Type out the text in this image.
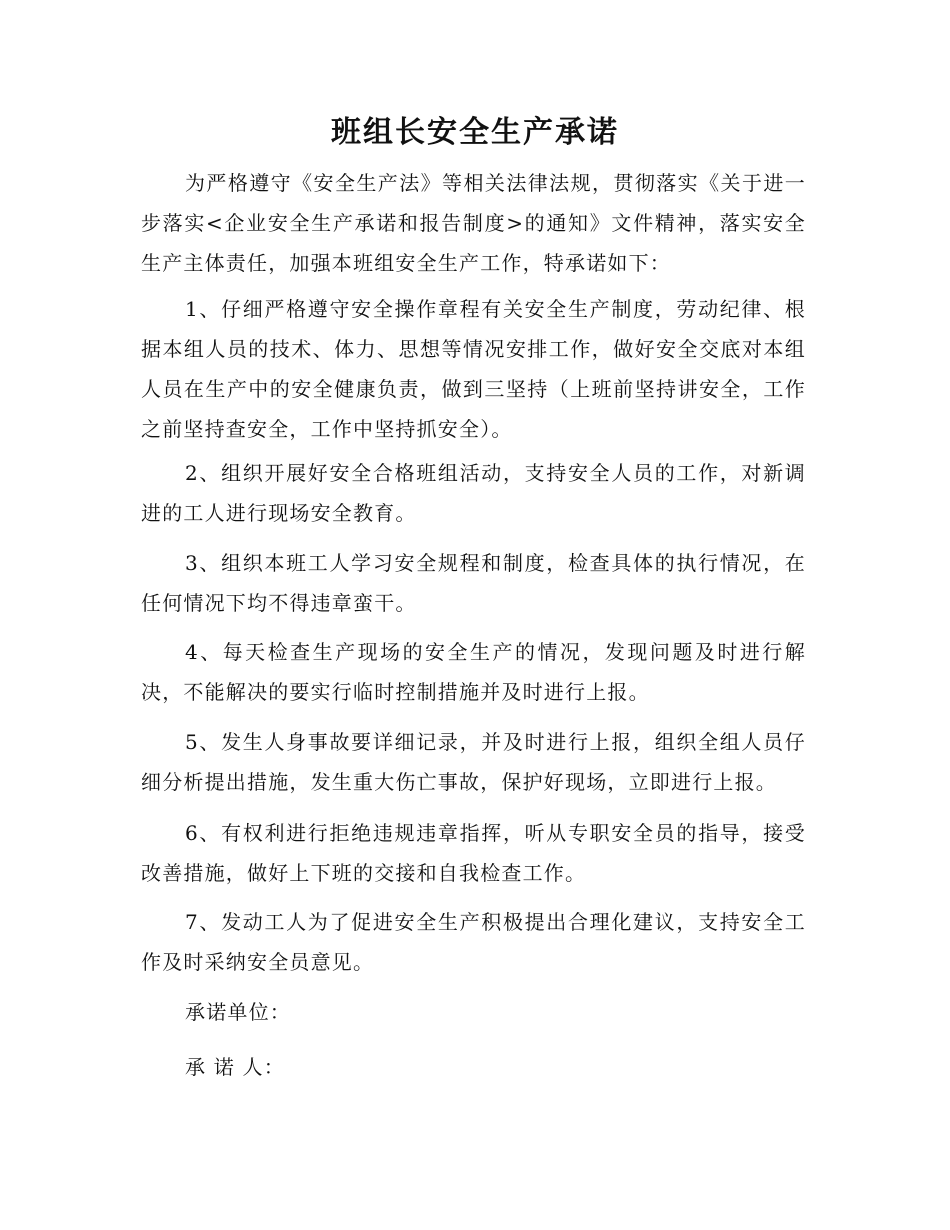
班组长安全生产承诺

为严格遵守《安全生产法》等相关法律法规，贯彻落实《关于进一步落实<企业安全生产承诺和报告制度>的通知》文件精神，落实安全生产主体责任，加强本班组安全生产工作，特承诺如下：

1、仔细严格遵守安全操作章程有关安全生产制度，劳动纪律、根据本组人员的技术、体力、思想等情况安排工作，做好安全交底对本组人员在生产中的安全健康负责，做到三坚持（上班前坚持讲安全，工作之前坚持查安全，工作中坚持抓安全）。

2、组织开展好安全合格班组活动，支持安全人员的工作，对新调进的工人进行现场安全教育。

3、组织本班工人学习安全规程和制度，检查具体的执行情况，在任何情况下均不得违章蛮干。

4、每天检查生产现场的安全生产的情况，发现问题及时进行解决，不能解决的要实行临时控制措施并及时进行上报。

5、发生人身事故要详细记录，并及时进行上报，组织全组人员仔细分析提出措施，发生重大伤亡事故，保护好现场，立即进行上报。

6、有权利进行拒绝违规违章指挥，听从专职安全员的指导，接受改善措施，做好上下班的交接和自我检查工作。

7、发动工人为了促进安全生产积极提出合理化建议，支持安全工作及时采纳安全员意见。

承诺单位：

承 诺 人：
